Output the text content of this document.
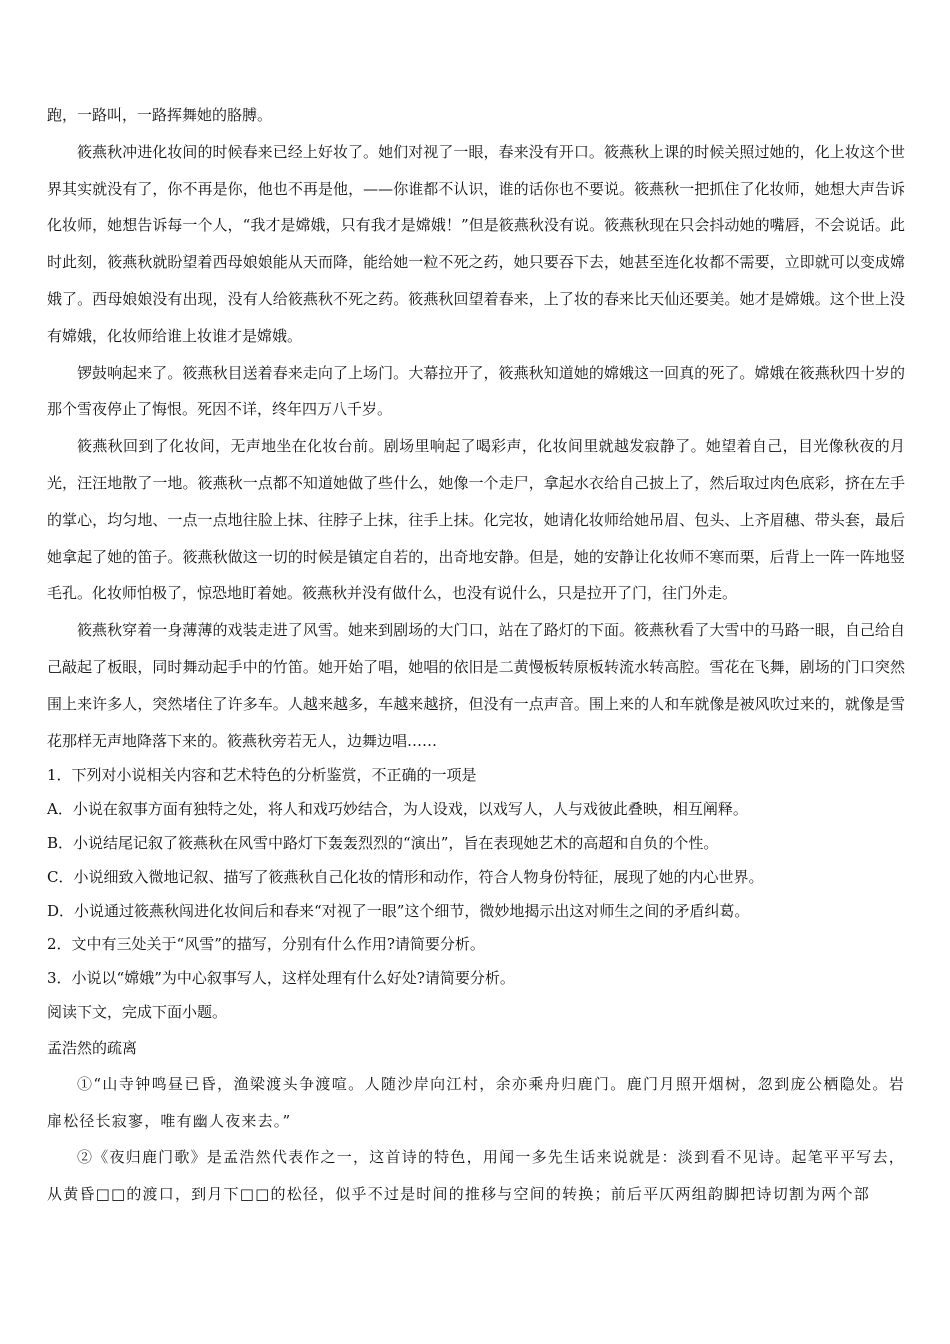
跑，一路叫，一路挥舞她的胳膊。

筱燕秋冲进化妆间的时候春来已经上好妆了。她们对视了一眼，春来没有开口。筱燕秋上课的时候关照过她的，化上妆这个世界其实就没有了，你不再是你，他也不再是他，——你谁都不认识，谁的话你也不要说。筱燕秋一把抓住了化妆师，她想大声告诉化妆师，她想告诉每一个人，“我才是嫦娥，只有我才是嫦娥！”但是筱燕秋没有说。筱燕秋现在只会抖动她的嘴唇，不会说话。此时此刻，筱燕秋就盼望着西母娘娘能从天而降，能给她一粒不死之药，她只要吞下去，她甚至连化妆都不需要，立即就可以变成嫦娥了。西母娘娘没有出现，没有人给筱燕秋不死之药。筱燕秋回望着春来，上了妆的春来比天仙还要美。她才是嫦娥。这个世上没有嫦娥，化妆师给谁上妆谁才是嫦娥。

锣鼓响起来了。筱燕秋目送着春来走向了上场门。大幕拉开了，筱燕秋知道她的嫦娥这一回真的死了。嫦娥在筱燕秋四十岁的那个雪夜停止了悔恨。死因不详，终年四万八千岁。

筱燕秋回到了化妆间，无声地坐在化妆台前。剧场里响起了喝彩声，化妆间里就越发寂静了。她望着自己，目光像秋夜的月光，汪汪地散了一地。筱燕秋一点都不知道她做了些什么，她像一个走尸，拿起水衣给自己披上了，然后取过肉色底彩，挤在左手的掌心，均匀地、一点一点地往脸上抹、往脖子上抹，往手上抹。化完妆，她请化妆师给她吊眉、包头、上齐眉穗、带头套，最后她拿起了她的笛子。筱燕秋做这一切的时候是镇定自若的，出奇地安静。但是，她的安静让化妆师不寒而栗，后背上一阵一阵地竖毛孔。化妆师怕极了，惊恐地盯着她。筱燕秋并没有做什么，也没有说什么，只是拉开了门，往门外走。

筱燕秋穿着一身薄薄的戏装走进了风雪。她来到剧场的大门口，站在了路灯的下面。筱燕秋看了大雪中的马路一眼，自己给自己敲起了板眼，同时舞动起手中的竹笛。她开始了唱，她唱的依旧是二黄慢板转原板转流水转高腔。雪花在飞舞，剧场的门口突然围上来许多人，突然堵住了许多车。人越来越多，车越来越挤，但没有一点声音。围上来的人和车就像是被风吹过来的，就像是雪花那样无声地降落下来的。筱燕秋旁若无人，边舞边唱……

1．下列对小说相关内容和艺术特色的分析鉴赏，不正确的一项是

A．小说在叙事方面有独特之处，将人和戏巧妙结合，为人设戏，以戏写人，人与戏彼此叠映，相互阐释。

B．小说结尾记叙了筱燕秋在风雪中路灯下轰轰烈烈的“演出”，旨在表现她艺术的高超和自负的个性。

C．小说细致入微地记叙、描写了筱燕秋自己化妆的情形和动作，符合人物身份特征，展现了她的内心世界。

D．小说通过筱燕秋闯进化妆间后和春来“对视了一眼”这个细节，微妙地揭示出这对师生之间的矛盾纠葛。

2．文中有三处关于“风雪”的描写，分别有什么作用?请简要分析。

3．小说以“嫦娥”为中心叙事写人，这样处理有什么好处?请简要分析。

阅读下文，完成下面小题。

孟浩然的疏离

①“山寺钟鸣昼已昏，渔梁渡头争渡喧。人随沙岸向江村，余亦乘舟归鹿门。鹿门月照开烟树，忽到庞公栖隐处。岩扉松径长寂寥，唯有幽人夜来去。”

②《夜归鹿门歌》是孟浩然代表作之一，这首诗的特色，用闻一多先生话来说就是：淡到看不见诗。起笔平平写去，从黄昏□□的渡口，到月下□□的松径，似乎不过是时间的推移与空间的转换；前后平仄两组韵脚把诗切割为两个部
